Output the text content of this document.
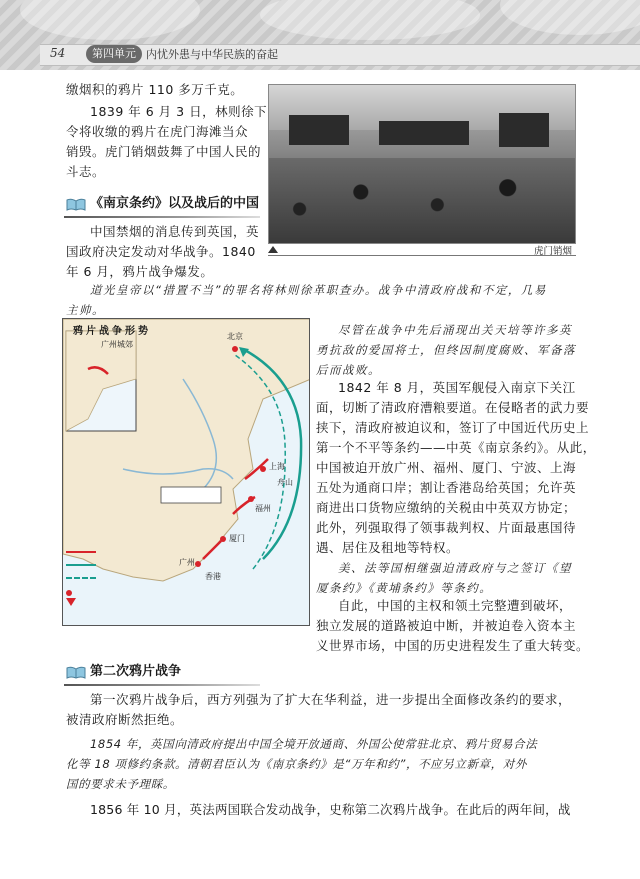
54	第四单元 内忧外患与中华民族的奋起
缴烟积的鸦片 110 多万千克。
1839 年 6 月 3 日，林则徐下
令将收缴的鸦片在虎门海滩当众
销毁。虎门销烟鼓舞了中国人民的
斗志。
《南京条约》以及战后的中国
中国禁烟的消息传到英国，英
国政府决定发动对华战争。1840
年 6 月，鸦片战争爆发。
虎门销烟
道光皇帝以“措置不当”的罪名将林则徐革职查办。战争中清政府战和不定，几易
主帅。
鸦片战争形势	北京
广州城郊
上海
舟山
福州
厦门
广州
香港
尽管在战争中先后涌现出关天培等许多英
勇抗敌的爱国将士，但终因制度腐败、军备落
后而战败。
1842 年 8 月，英国军舰侵入南京下关江
面，切断了清政府漕粮要道。在侵略者的武力要
挟下，清政府被迫议和，签订了中国近代历史上
第一个不平等条约——中英《南京条约》。从此，
中国被迫开放广州、福州、厦门、宁波、上海
五处为通商口岸；割让香港岛给英国；允许英
商进出口货物应缴纳的关税由中英双方协定；
此外，列强取得了领事裁判权、片面最惠国待
遇、居住及租地等特权。
美、法等国相继强迫清政府与之签订《望
厦条约》《黄埔条约》等条约。
自此，中国的主权和领土完整遭到破坏，
独立发展的道路被迫中断，并被迫卷入资本主
义世界市场，中国的历史进程发生了重大转变。
第二次鸦片战争
第一次鸦片战争后，西方列强为了扩大在华利益，进一步提出全面修改条约的要求，
被清政府断然拒绝。
1854 年，英国向清政府提出中国全境开放通商、外国公使常驻北京、鸦片贸易合法
化等 18 项修约条款。清朝君臣认为《南京条约》是“万年和约”，不应另立新章，对外
国的要求未予理睬。
1856 年 10 月，英法两国联合发动战争，史称第二次鸦片战争。在此后的两年间，战
